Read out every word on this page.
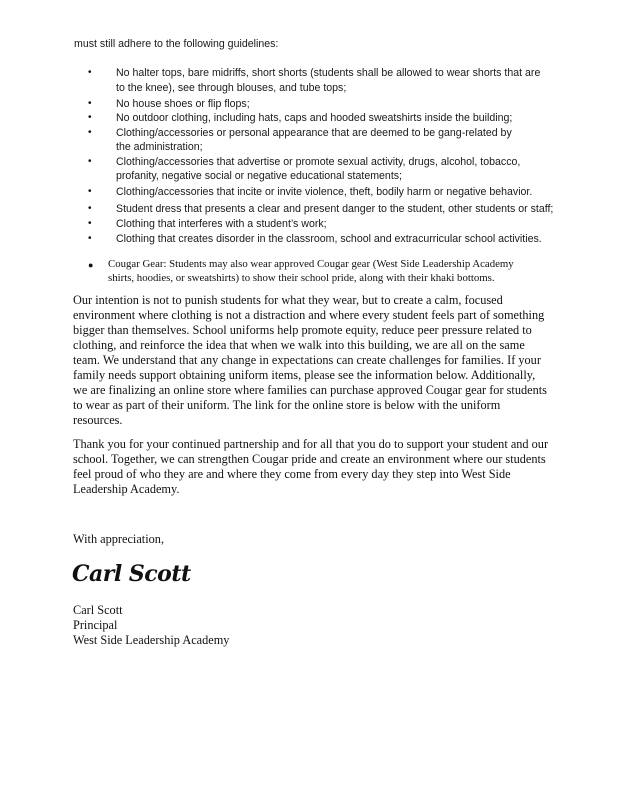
must still adhere to the following guidelines:
• No halter tops, bare midriffs, short shorts (students shall be allowed to wear shorts that are
to the knee), see through blouses, and tube tops;
• No house shoes or flip flops;
• No outdoor clothing, including hats, caps and hooded sweatshirts inside the building;
• Clothing/accessories or personal appearance that are deemed to be gang-related by
the administration;
• Clothing/accessories that advertise or promote sexual activity, drugs, alcohol, tobacco,
profanity, negative social or negative educational statements;
• Clothing/accessories that incite or invite violence, theft, bodily harm or negative behavior.
• Student dress that presents a clear and present danger to the student, other students or staff;
• Clothing that interferes with a student’s work;
• Clothing that creates disorder in the classroom, school and extracurricular school activities.
● Cougar Gear: Students may also wear approved Cougar gear (West Side Leadership Academy
shirts, hoodies, or sweatshirts) to show their school pride, along with their khaki bottoms.
Our intention is not to punish students for what they wear, but to create a calm, focused
environment where clothing is not a distraction and where every student feels part of something
bigger than themselves. School uniforms help promote equity, reduce peer pressure related to
clothing, and reinforce the idea that when we walk into this building, we are all on the same
team. We understand that any change in expectations can create challenges for families. If your
family needs support obtaining uniform items, please see the information below. Additionally,
we are finalizing an online store where families can purchase approved Cougar gear for students
to wear as part of their uniform. The link for the online store is below with the uniform
resources.
Thank you for your continued partnership and for all that you do to support your student and our
school. Together, we can strengthen Cougar pride and create an environment where our students
feel proud of who they are and where they come from every day they step into West Side
Leadership Academy.
With appreciation,
Carl Scott
Carl Scott
Principal
West Side Leadership Academy
